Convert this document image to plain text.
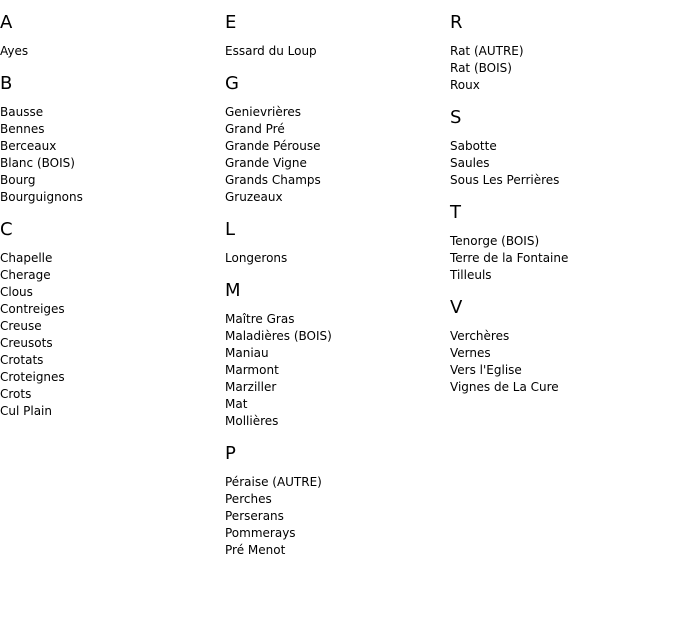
A
Ayes
B
Bausse
Bennes
Berceaux
Blanc (BOIS)
Bourg
Bourguignons
C
Chapelle
Cherage
Clous
Contreiges
Creuse
Creusots
Crotats
Croteignes
Crots
Cul Plain
E
Essard du Loup
G
Genievrières
Grand Pré
Grande Pérouse
Grande Vigne
Grands Champs
Gruzeaux
L
Longerons
M
Maître Gras
Maladières (BOIS)
Maniau
Marmont
Marziller
Mat
Mollières
P
Péraise (AUTRE)
Perches
Perserans
Pommerays
Pré Menot
R
Rat (AUTRE)
Rat (BOIS)
Roux
S
Sabotte
Saules
Sous Les Perrières
T
Tenorge (BOIS)
Terre de la Fontaine
Tilleuls
V
Verchères
Vernes
Vers l'Eglise
Vignes de La Cure
